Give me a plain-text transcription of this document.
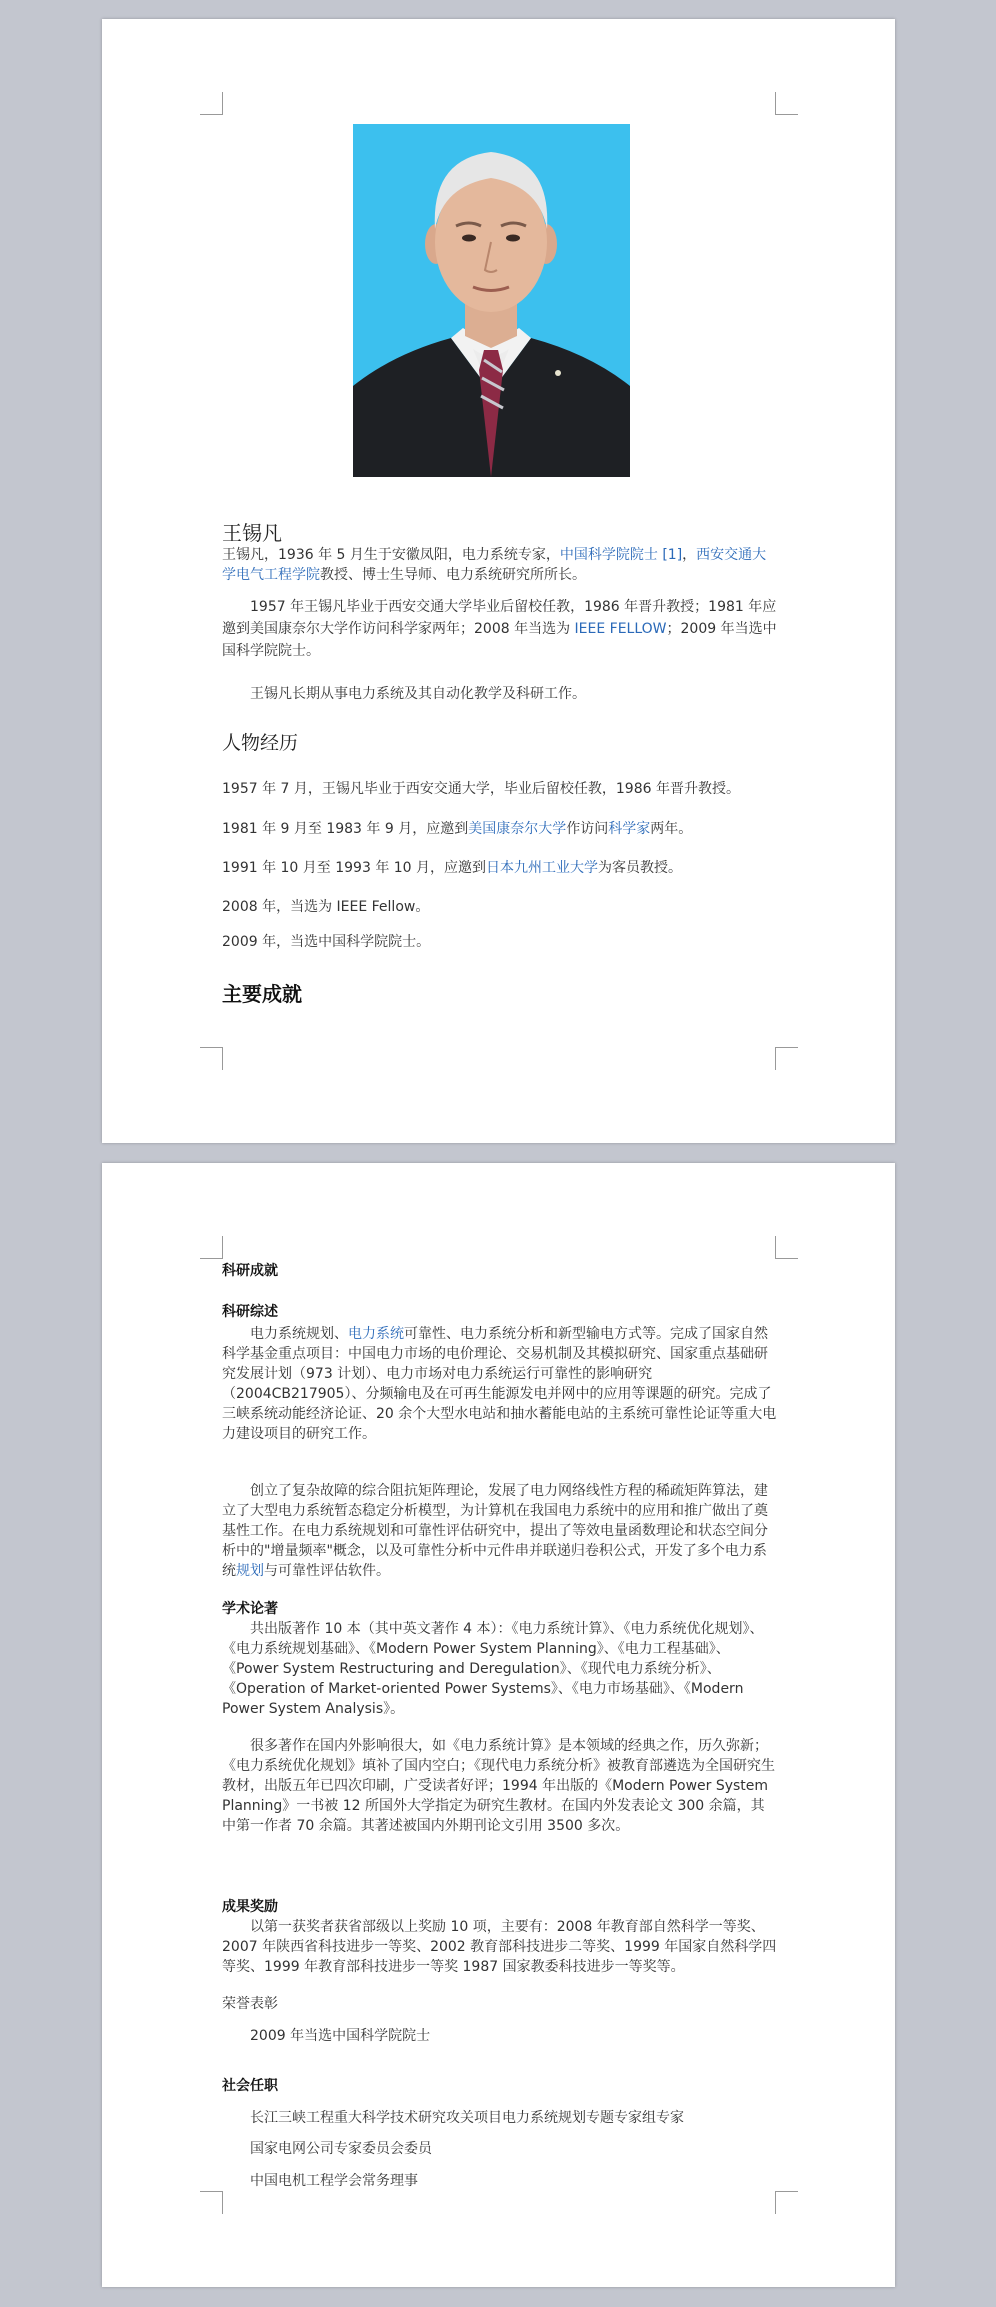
王锡凡

王锡凡，1936 年 5 月生于安徽凤阳，电力系统专家，中国科学院院士 [1]，西安交通大学电气工程学院教授、博士生导师、电力系统研究所所长。

1957 年王锡凡毕业于西安交通大学毕业后留校任教，1986 年晋升教授；1981 年应邀到美国康奈尔大学作访问科学家两年；2008 年当选为 IEEE FELLOW；2009 年当选中国科学院院士。

王锡凡长期从事电力系统及其自动化教学及科研工作。

人物经历

1957 年 7 月，王锡凡毕业于西安交通大学，毕业后留校任教，1986 年晋升教授。

1981 年 9 月至 1983 年 9 月，应邀到美国康奈尔大学作访问科学家两年。

1991 年 10 月至 1993 年 10 月，应邀到日本九州工业大学为客员教授。

2008 年，当选为 IEEE Fellow。

2009 年，当选中国科学院院士。

主要成就

科研成就

科研综述

电力系统规划、电力系统可靠性、电力系统分析和新型输电方式等。完成了国家自然科学基金重点项目：中国电力市场的电价理论、交易机制及其模拟研究、国家重点基础研究发展计划（973 计划）、电力市场对电力系统运行可靠性的影响研究（2004CB217905）、分频输电及在可再生能源发电并网中的应用等课题的研究。完成了三峡系统动能经济论证、20 余个大型水电站和抽水蓄能电站的主系统可靠性论证等重大电力建设项目的研究工作。

创立了复杂故障的综合阻抗矩阵理论，发展了电力网络线性方程的稀疏矩阵算法，建立了大型电力系统暂态稳定分析模型，为计算机在我国电力系统中的应用和推广做出了奠基性工作。在电力系统规划和可靠性评估研究中，提出了等效电量函数理论和状态空间分析中的"增量频率"概念，以及可靠性分析中元件串并联递归卷积公式，开发了多个电力系统规划与可靠性评估软件。

学术论著

共出版著作 10 本（其中英文著作 4 本）：《电力系统计算》、《电力系统优化规划》、《电力系统规划基础》、《Modern Power System Planning》、《电力工程基础》、《Power System Restructuring and Deregulation》、《现代电力系统分析》、《Operation of Market-oriented Power Systems》、《电力市场基础》、《Modern Power System Analysis》。

很多著作在国内外影响很大，如《电力系统计算》是本领域的经典之作，历久弥新；《电力系统优化规划》填补了国内空白；《现代电力系统分析》被教育部遴选为全国研究生教材，出版五年已四次印刷，广受读者好评；1994 年出版的《Modern Power System Planning》一书被 12 所国外大学指定为研究生教材。在国内外发表论文 300 余篇，其中第一作者 70 余篇。其著述被国内外期刊论文引用 3500 多次。

成果奖励

以第一获奖者获省部级以上奖励 10 项，主要有：2008 年教育部自然科学一等奖、2007 年陕西省科技进步一等奖、2002 教育部科技进步二等奖、1999 年国家自然科学四等奖、1999 年教育部科技进步一等奖 1987 国家教委科技进步一等奖等。

荣誉表彰

2009 年当选中国科学院院士

社会任职

长江三峡工程重大科学技术研究攻关项目电力系统规划专题专家组专家

国家电网公司专家委员会委员

中国电机工程学会常务理事
